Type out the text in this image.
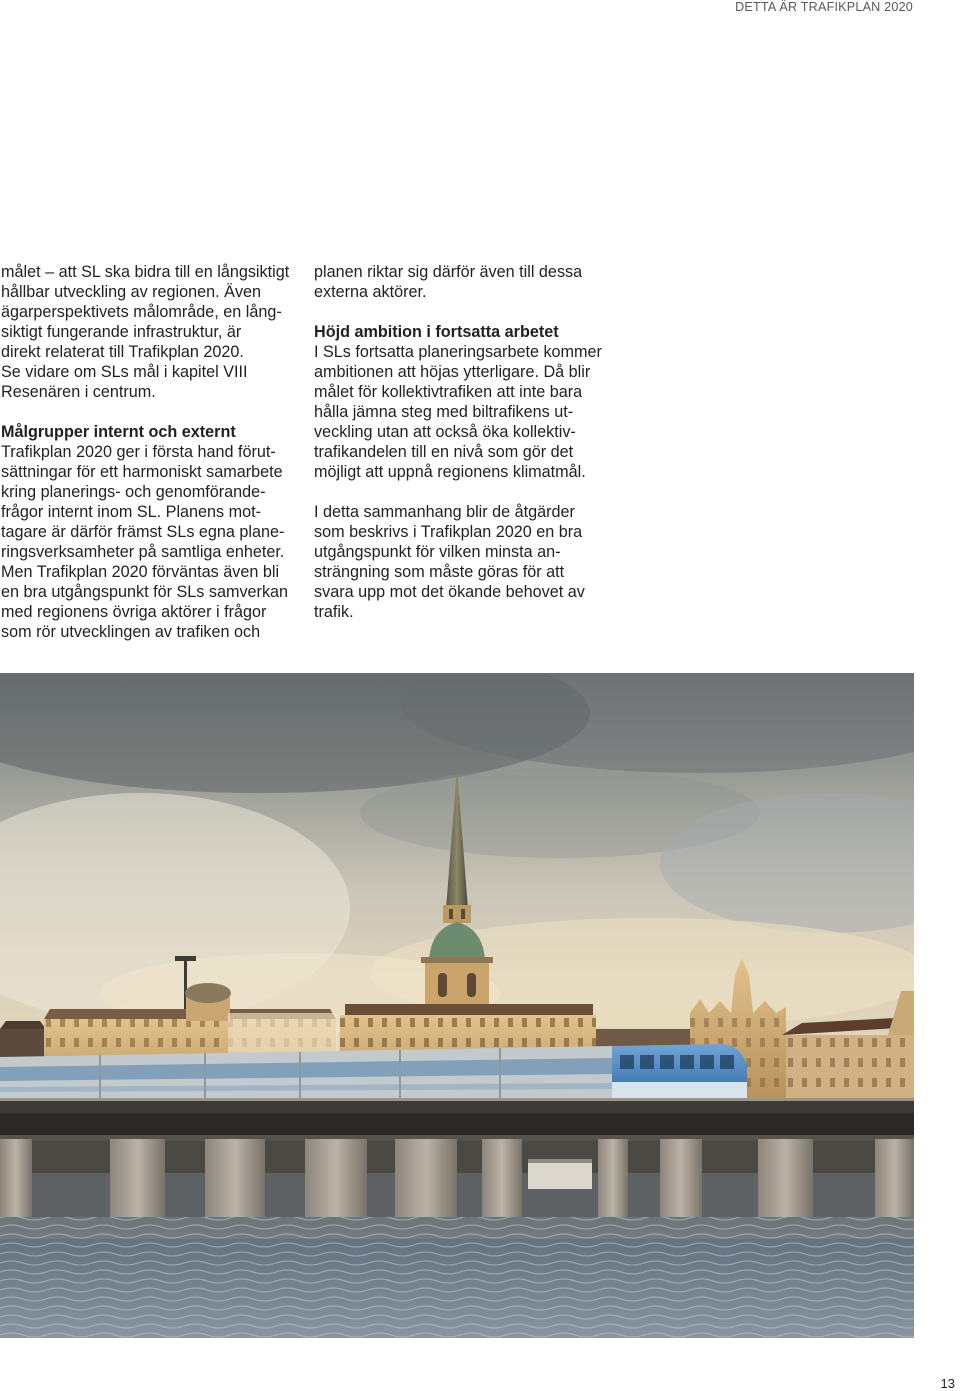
DETTA ÄR TRAFIKPLAN 2020
målet – att SL ska bidra till en långsiktigt
hållbar utveckling av regionen. Även
ägarperspektivets målområde, en lång-
siktigt fungerande infrastruktur, är
direkt relaterat till Trafikplan 2020.
Se vidare om SLs mål i kapitel VIII
Resenären i centrum.
Målgrupper internt och externt
Trafikplan 2020 ger i första hand förut-
sättningar för ett harmoniskt samarbete
kring planerings- och genomförande-
frågor internt inom SL. Planens mot-
tagare är därför främst SLs egna plane-
ringsverksamheter på samtliga enheter.
Men Trafikplan 2020 förväntas även bli
en bra utgångspunkt för SLs samverkan
med regionens övriga aktörer i frågor
som rör utvecklingen av trafiken och
planen riktar sig därför även till dessa
externa aktörer.
Höjd ambition i fortsatta arbetet
I SLs fortsatta planeringsarbete kommer
ambitionen att höjas ytterligare. Då blir
målet för kollektivtrafiken att inte bara
hålla jämna steg med biltrafikens ut-
veckling utan att också öka kollektiv-
trafikandelen till en nivå som gör det
möjligt att uppnå regionens klimatmål.
I detta sammanhang blir de åtgärder
som beskrivs i Trafikplan 2020 en bra
utgångspunkt för vilken minsta an-
strängning som måste göras för att
svara upp mot det ökande behovet av
trafik.
13
